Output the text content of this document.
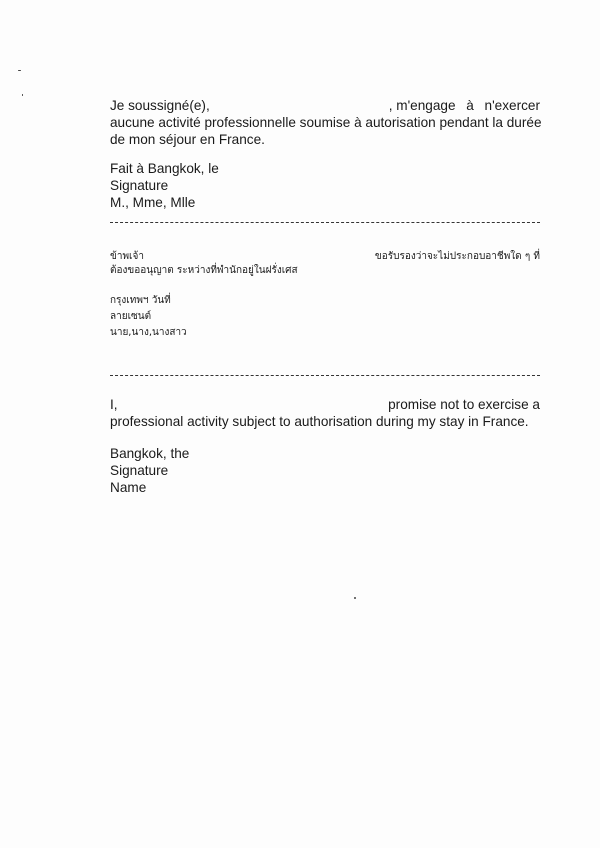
Je soussigné(e),	, m'engage à n'exercer
aucune activité professionnelle soumise à autorisation pendant la durée
de mon séjour en France.
Fait à Bangkok, le
Signature
M., Mme, Mlle
ข้าพเจ้า	ขอรับรองว่าจะไม่ประกอบอาชีพใด ๆ ที่
ต้องขออนุญาต ระหว่างที่พำนักอยู่ในฝรั่งเศส
กรุงเทพฯ วันที่
ลายเซนต์
นาย,นาง,นางสาว
I,	promise not to exercise a
professional activity subject to authorisation during my stay in France.
Bangkok, the
Signature
Name
